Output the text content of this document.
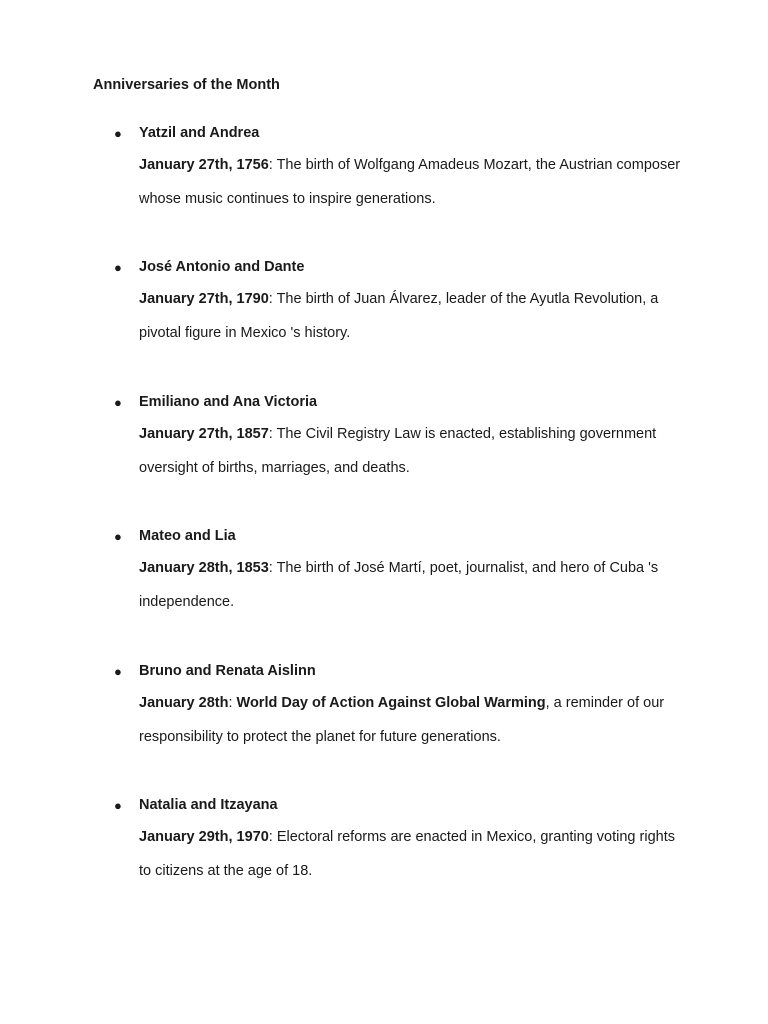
Anniversaries of the Month
● Yatzil and Andrea

January 27th, 1756: The birth of Wolfgang Amadeus Mozart, the Austrian composer whose music continues to inspire generations.

● José Antonio and Dante

January 27th, 1790: The birth of Juan Álvarez, leader of the Ayutla Revolution, a pivotal figure in Mexico 's history.

● Emiliano and Ana Victoria

January 27th, 1857: The Civil Registry Law is enacted, establishing government oversight of births, marriages, and deaths.

● Mateo and Lia

January 28th, 1853: The birth of José Martí, poet, journalist, and hero of Cuba 's independence.

● Bruno and Renata Aislinn

January 28th: World Day of Action Against Global Warming, a reminder of our responsibility to protect the planet for future generations.

● Natalia and Itzayana

January 29th, 1970: Electoral reforms are enacted in Mexico, granting voting rights to citizens at the age of 18.
